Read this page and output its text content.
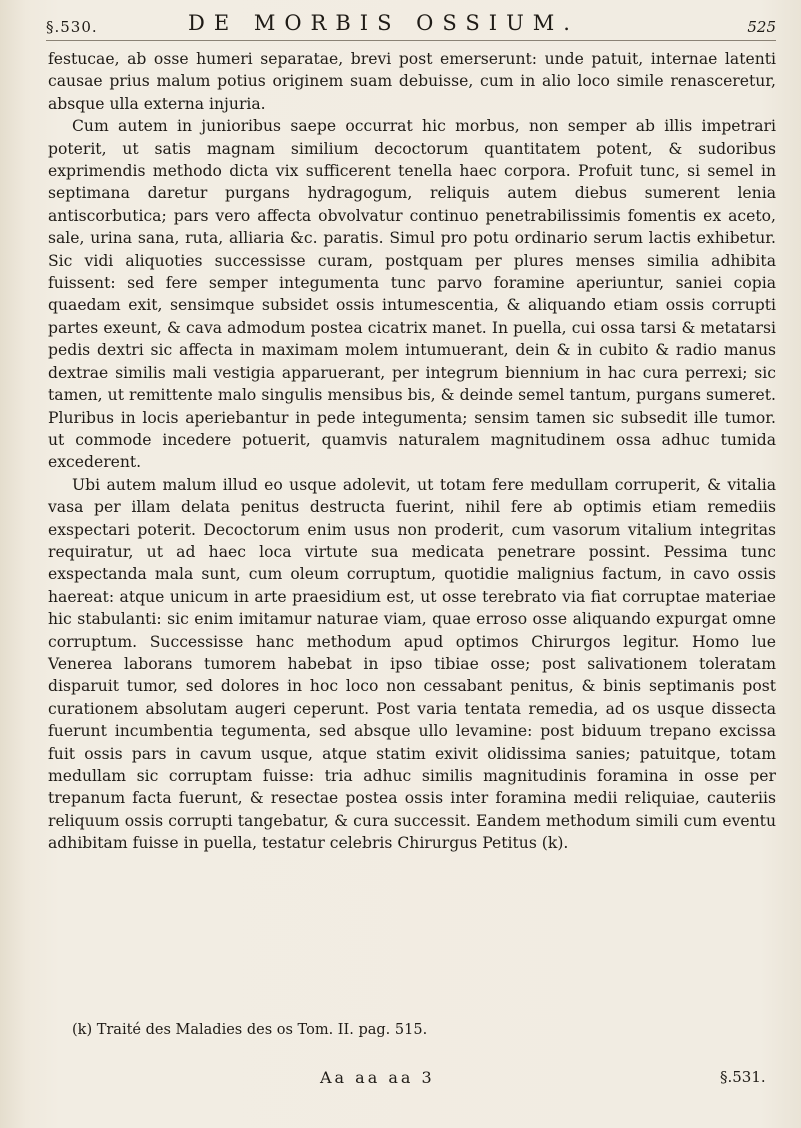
§.530.	DE MORBIS OSSIUM.	525

festucae, ab osse humeri separatae, brevi post emerserunt: unde patuit, internae latenti causae prius malum potius originem suam debuisse, cum in alio loco simile renasceretur, absque ulla externa injuria.

Cum autem in junioribus saepe occurrat hic morbus, non semper ab illis impetrari poterit, ut satis magnam similium decoctorum quantitatem potent, & sudoribus exprimendis methodo dicta vix sufficerent tenella haec corpora. Profuit tunc, si semel in septimana daretur purgans hydragogum, reliquis autem diebus sumerent lenia antiscorbutica; pars vero affecta obvolvatur continuo penetrabilissimis fomentis ex aceto, sale, urina sana, ruta, alliaria &c. paratis. Simul pro potu ordinario serum lactis exhibetur. Sic vidi aliquoties successisse curam, postquam per plures menses similia adhibita fuissent: sed fere semper integumenta tunc parvo foramine aperiuntur, saniei copia quaedam exit, sensimque subsidet ossis intumescentia, & aliquando etiam ossis corrupti partes exeunt, & cava admodum postea cicatrix manet. In puella, cui ossa tarsi & metatarsi pedis dextri sic affecta in maximam molem intumuerant, dein & in cubito & radio manus dextrae similis mali vestigia apparuerant, per integrum biennium in hac cura perrexi; sic tamen, ut remittente malo singulis mensibus bis, & deinde semel tantum, purgans sumeret. Pluribus in locis aperiebantur in pede integumenta; sensim tamen sic subsedit ille tumor. ut commode incedere potuerit, quamvis naturalem magnitudinem ossa adhuc tumida excederent.

Ubi autem malum illud eo usque adolevit, ut totam fere medullam corruperit, & vitalia vasa per illam delata penitus destructa fuerint, nihil fere ab optimis etiam remediis exspectari poterit. Decoctorum enim usus non proderit, cum vasorum vitalium integritas requiratur, ut ad haec loca virtute sua medicata penetrare possint. Pessima tunc exspectanda mala sunt, cum oleum corruptum, quotidie malignius factum, in cavo ossis haereat: atque unicum in arte praesidium est, ut osse terebrato via fiat corruptae materiae hic stabulanti: sic enim imitamur naturae viam, quae erroso osse aliquando expurgat omne corruptum. Successisse hanc methodum apud optimos Chirurgos legitur. Homo lue Venerea laborans tumorem habebat in ipso tibiae osse; post salivationem toleratam disparuit tumor, sed dolores in hoc loco non cessabant penitus, & binis septimanis post curationem absolutam augeri ceperunt. Post varia tentata remedia, ad os usque dissecta fuerunt incumbentia tegumenta, sed absque ullo levamine: post biduum trepano excissa fuit ossis pars in cavum usque, atque statim exivit olidissima sanies; patuitque, totam medullam sic corruptam fuisse: tria adhuc similis magnitudinis foramina in osse per trepanum facta fuerunt, & resectae postea ossis inter foramina medii reliquiae, cauteriis reliquum ossis corrupti tangebatur, & cura successit. Eandem methodum simili cum eventu adhibitam fuisse in puella, testatur celebris Chirurgus Petitus (k).

(k) Traité des Maladies des os Tom. II. pag. 515.
Aa aa aa 3	§.531.
